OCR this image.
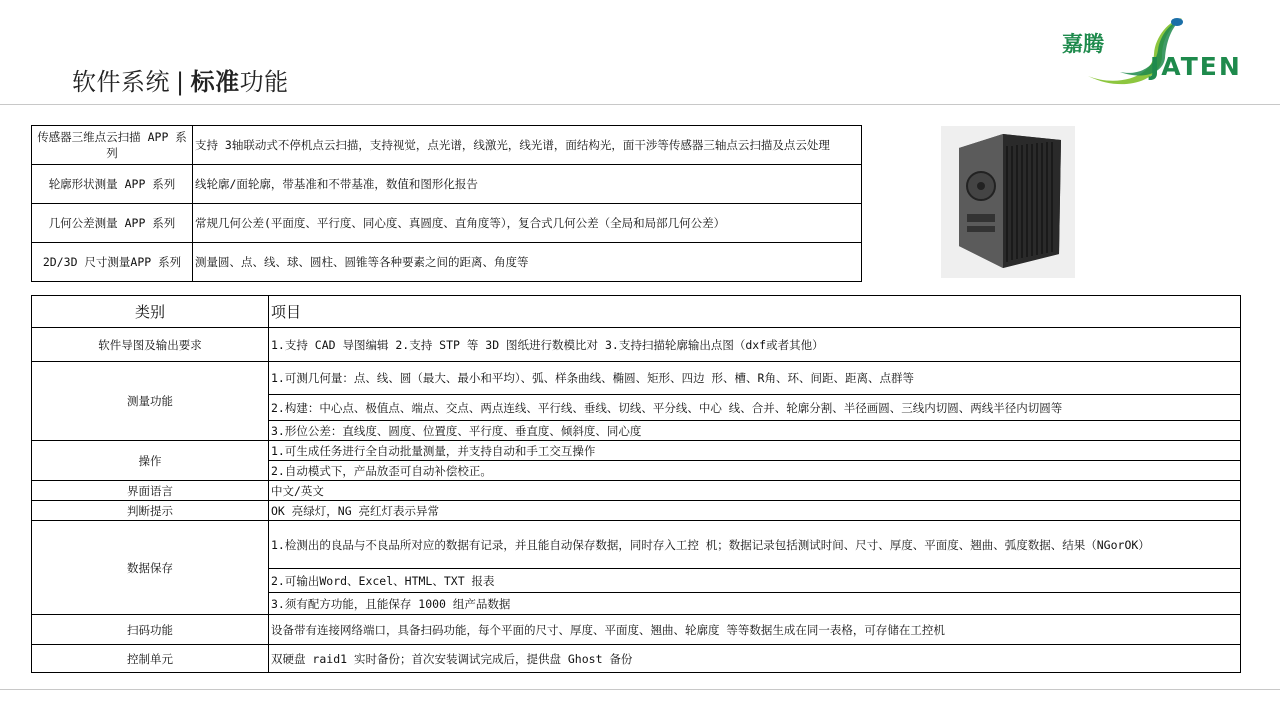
软件系统 | 标准功能
嘉腾
JATEN
传感器三维点云扫描 APP 系列	支持 3轴联动式不停机点云扫描，支持视觉，点光谱，线激光，线光谱，面结构光，面干涉等传感器三轴点云扫描及点云处理
轮廓形状测量 APP 系列	线轮廓/面轮廓，带基准和不带基准，数值和图形化报告
几何公差测量 APP 系列	常规几何公差(平面度、平行度、同心度、真圆度、直角度等），复合式几何公差（全局和局部几何公差）
2D/3D 尺寸测量APP 系列	测量圆、点、线、球、圆柱、圆锥等各种要素之间的距离、角度等
类别	项目
软件导图及输出要求	1.支持 CAD 导图编辑 2.支持 STP 等 3D 图纸进行数模比对 3.支持扫描轮廓输出点图（dxf或者其他）
测量功能	1.可测几何量：点、线、圆（最大、最小和平均）、弧、样条曲线、椭圆、矩形、四边 形、槽、R角、环、间距、距离、点群等
	2.构建：中心点、极值点、端点、交点、两点连线、平行线、垂线、切线、平分线、中心 线、合并、轮廓分割、半径画圆、三线内切圆、两线半径内切圆等
	3.形位公差：直线度、圆度、位置度、平行度、垂直度、倾斜度、同心度
操作	1.可生成任务进行全自动批量测量，并支持自动和手工交互操作
	2.自动模式下，产品放歪可自动补偿校正。
界面语言	中文/英文
判断提示	OK 亮绿灯，NG 亮红灯表示异常
数据保存	1.检测出的良品与不良品所对应的数据有记录，并且能自动保存数据，同时存入工控 机；数据记录包括测试时间、尺寸、厚度、平面度、翘曲、弧度数据、结果（NGorOK）
	2.可输出Word、Excel、HTML、TXT 报表
	3.须有配方功能，且能保存 1000 组产品数据
扫码功能	设备带有连接网络端口，具备扫码功能，每个平面的尺寸、厚度、平面度、翘曲、轮廓度 等等数据生成在同一表格，可存储在工控机
控制单元	双硬盘 raid1 实时备份；首次安装调试完成后，提供盘 Ghost 备份
